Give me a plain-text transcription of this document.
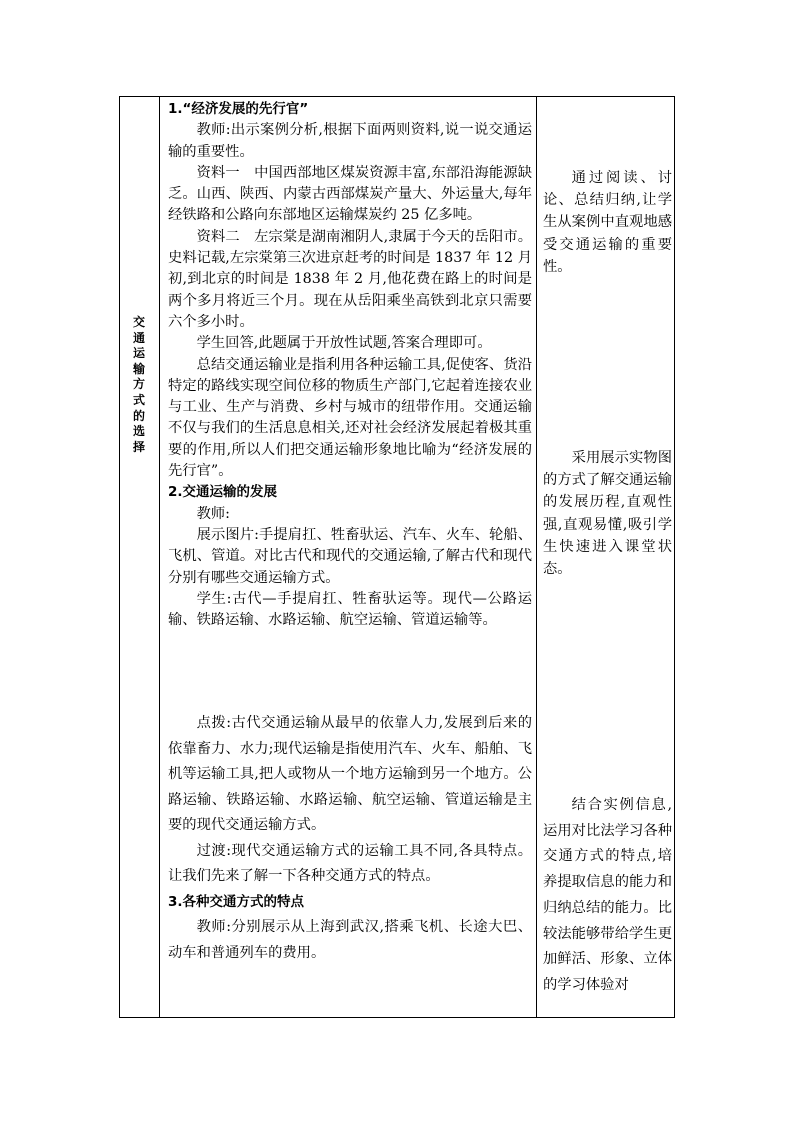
交
通
运
输
方
式
的
选
择

1.“经济发展的先行官”

教师:出示案例分析,根据下面两则资料,说一说交通运输的重要性。

资料一　中国西部地区煤炭资源丰富,东部沿海能源缺乏。山西、陕西、内蒙古西部煤炭产量大、外运量大,每年经铁路和公路向东部地区运输煤炭约 25 亿多吨。

资料二　左宗棠是湖南湘阴人,隶属于今天的岳阳市。史料记载,左宗棠第三次进京赶考的时间是 1837 年 12 月初,到北京的时间是 1838 年 2 月,他花费在路上的时间是两个多月将近三个月。现在从岳阳乘坐高铁到北京只需要六个多小时。

学生回答,此题属于开放性试题,答案合理即可。

总结交通运输业是指利用各种运输工具,促使客、货沿特定的路线实现空间位移的物质生产部门,它起着连接农业与工业、生产与消费、乡村与城市的纽带作用。交通运输不仅与我们的生活息息相关,还对社会经济发展起着极其重要的作用,所以人们把交通运输形象地比喻为“经济发展的先行官”。

2.交通运输的发展

教师:

展示图片:手提肩扛、牲畜驮运、汽车、火车、轮船、飞机、管道。对比古代和现代的交通运输,了解古代和现代分别有哪些交通运输方式。

学生:古代—手提肩扛、牲畜驮运等。现代—公路运输、铁路运输、水路运输、航空运输、管道运输等。

点拨:古代交通运输从最早的依靠人力,发展到后来的依靠畜力、水力;现代运输是指使用汽车、火车、船舶、飞机等运输工具,把人或物从一个地方运输到另一个地方。公路运输、铁路运输、水路运输、航空运输、管道运输是主要的现代交通运输方式。

过渡:现代交通运输方式的运输工具不同,各具特点。让我们先来了解一下各种交通方式的特点。

3.各种交通方式的特点

教师:分别展示从上海到武汉,搭乘飞机、长途大巴、动车和普通列车的费用。

通过阅读、讨论、总结归纳,让学生从案例中直观地感受交通运输的重要性。

采用展示实物图的方式了解交通运输的发展历程,直观性强,直观易懂,吸引学生快速进入课堂状态。

结合实例信息,运用对比法学习各种交通方式的特点,培养提取信息的能力和归纳总结的能力。比较法能够带给学生更加鲜活、形象、立体的学习体验对
